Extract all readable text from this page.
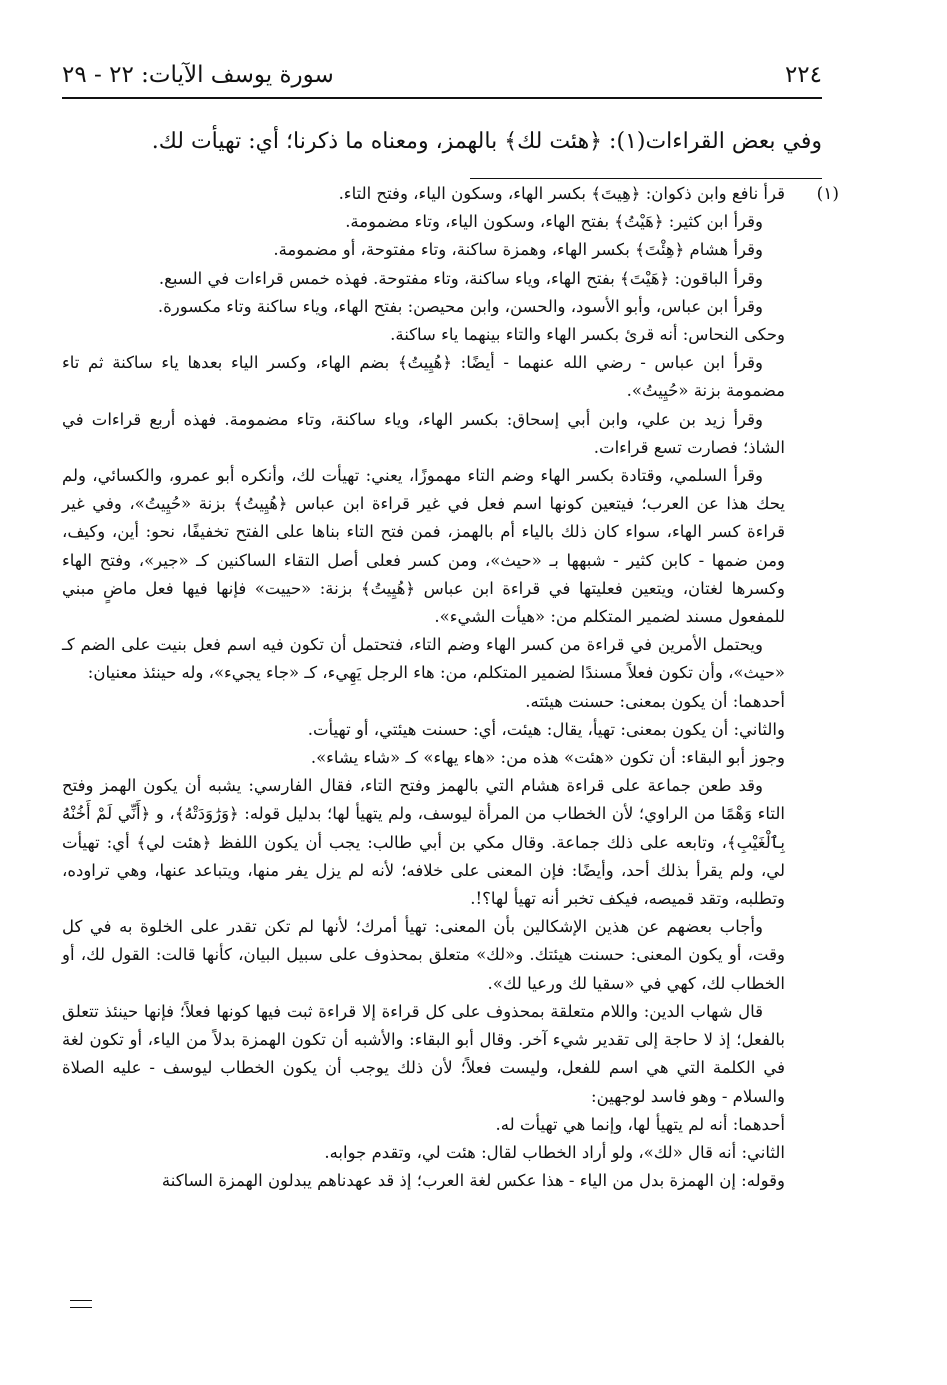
٢٢٤
سورة يوسف الآيات: ٢٢ - ٢٩
وفي بعض القراءات(١): ﴿هئت لك﴾ بالهمز، ومعناه ما ذكرنا؛ أي: تهيأت لك.
(١)

قرأ نافع وابن ذكوان: ﴿هِيتَ﴾ بكسر الهاء، وسكون الياء، وفتح التاء.

وقرأ ابن كثير: ﴿هَيْتُ﴾ بفتح الهاء، وسكون الياء، وتاء مضمومة.

وقرأ هشام ﴿هِئْتَ﴾ بكسر الهاء، وهمزة ساكنة، وتاء مفتوحة، أو مضمومة.

وقرأ الباقون: ﴿هَيْتَ﴾ بفتح الهاء، وياء ساكنة، وتاء مفتوحة. فهذه خمس قراءات في السبع.

وقرأ ابن عباس، وأبو الأسود، والحسن، وابن محيصن: بفتح الهاء، وياء ساكنة وتاء مكسورة.

وحكى النحاس: أنه قرئ بكسر الهاء والتاء بينهما ياء ساكنة.

وقرأ ابن عباس - رضي الله عنهما - أيضًا: ﴿هُيِيتُ﴾ بضم الهاء، وكسر الياء بعدها ياء ساكنة ثم تاء مضمومة بزنة «حُيِيتُ».

وقرأ زيد بن علي، وابن أبي إسحاق: بكسر الهاء، وياء ساكنة، وتاء مضمومة. فهذه أربع قراءات في الشاذ؛ فصارت تسع قراءات.

وقرأ السلمي، وقتادة بكسر الهاء وضم التاء مهموزًا، يعني: تهيأت لك، وأنكره أبو عمرو، والكسائي، ولم يحك هذا عن العرب؛ فيتعين كونها اسم فعل في غير قراءة ابن عباس ﴿هُيِيتُ﴾ بزنة «حُيِيتُ»، وفي غير قراءة كسر الهاء، سواء كان ذلك بالياء أم بالهمز، فمن فتح التاء بناها على الفتح تخفيفًا، نحو: أين، وكيف، ومن ضمها - كابن كثير - شبهها بـ «حيث»، ومن كسر فعلى أصل التقاء الساكنين كـ «جير»، وفتح الهاء وكسرها لغتان، ويتعين فعليتها في قراءة ابن عباس ﴿هُيِيتُ﴾ بزنة: «حييت» فإنها فيها فعل ماضٍ مبني للمفعول مسند لضمير المتكلم من: «هيأت الشيء».

ويحتمل الأمرين في قراءة من كسر الهاء وضم التاء، فتحتمل أن تكون فيه اسم فعل بنيت على الضم كـ «حيث»، وأن تكون فعلاً مسندًا لضمير المتكلم، من: هاء الرجل يَهِيء، كـ «جاء يجيء»، وله حينئذ معنيان:

أحدهما: أن يكون بمعنى: حسنت هيئته.

والثاني: أن يكون بمعنى: تهيأ، يقال: هيئت، أي: حسنت هيئتي، أو تهيأت.

وجوز أبو البقاء: أن تكون «هئت» هذه من: «هاء يهاء» كـ «شاء يشاء».

وقد طعن جماعة على قراءة هشام التي بالهمز وفتح التاء، فقال الفارسي: يشبه أن يكون الهمز وفتح التاء وَهْمًا من الراوي؛ لأن الخطاب من المرأة ليوسف، ولم يتهيأ لها؛ بدليل قوله: ﴿وَرَٰوَدَتْهُ﴾، و ﴿أَنِّي لَمْ أَخُنْهُ بِٱلْغَيْبِ﴾، وتابعه على ذلك جماعة. وقال مكي بن أبي طالب: يجب أن يكون اللفظ ﴿هئت لي﴾ أي: تهيأت لي، ولم يقرأ بذلك أحد، وأيضًا: فإن المعنى على خلافه؛ لأنه لم يزل يفر منها، ويتباعد عنها، وهي تراوده، وتطلبه، وتقد قميصه، فيكف تخبر أنه تهيأ لها؟!.

وأجاب بعضهم عن هذين الإشكالين بأن المعنى: تهيأ أمرك؛ لأنها لم تكن تقدر على الخلوة به في كل وقت، أو يكون المعنى: حسنت هيئتك. و«لك» متعلق بمحذوف على سبيل البيان، كأنها قالت: القول لك، أو الخطاب لك، كهي في «سقيا لك ورعيا لك».

قال شهاب الدين: واللام متعلقة بمحذوف على كل قراءة إلا قراءة ثبت فيها كونها فعلاً؛ فإنها حينئذ تتعلق بالفعل؛ إذ لا حاجة إلى تقدير شيء آخر. وقال أبو البقاء: والأشبه أن تكون الهمزة بدلاً من الياء، أو تكون لغة في الكلمة التي هي اسم للفعل، وليست فعلاً؛ لأن ذلك يوجب أن يكون الخطاب ليوسف - عليه الصلاة والسلام - وهو فاسد لوجهين:

أحدهما: أنه لم يتهيأ لها، وإنما هي تهيأت له.

الثاني: أنه قال «لك»، ولو أراد الخطاب لقال: هئت لي، وتقدم جوابه.

وقوله: إن الهمزة بدل من الياء - هذا عكس لغة العرب؛ إذ قد عهدناهم يبدلون الهمزة الساكنة
